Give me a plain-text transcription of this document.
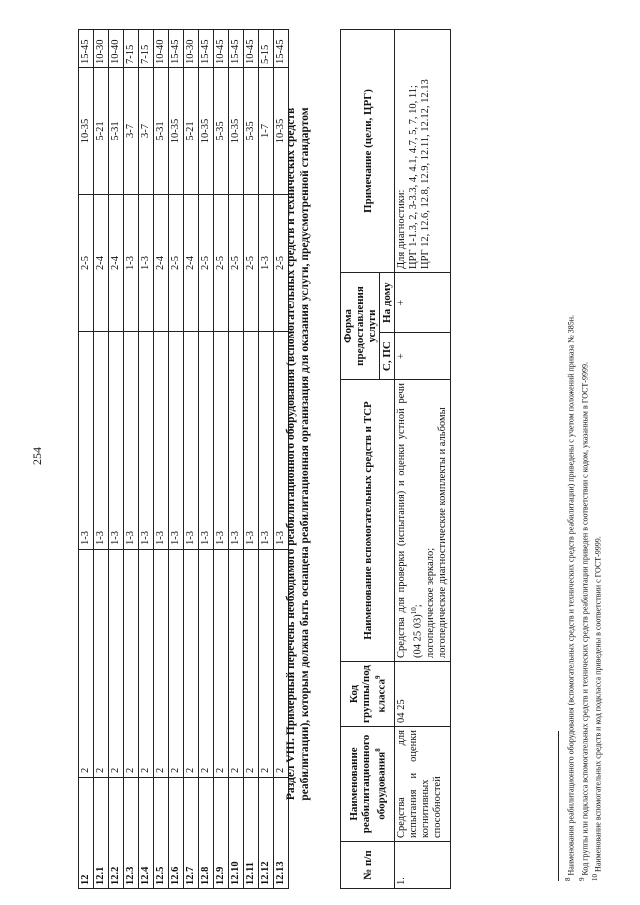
254
12	2	1-3	2-5	10-35	15-45
12.1	2	1-3	2-4	5-21	10-30
12.2	2	1-3	2-4	5-31	10-40
12.3	2	1-3	1-3	3-7	7-15
12.4	2	1-3	1-3	3-7	7-15
12.5	2	1-3	2-4	5-31	10-40
12.6	2	1-3	2-5	10-35	15-45
12.7	2	1-3	2-4	5-21	10-30
12.8	2	1-3	2-5	10-35	15-45
12.9	2	1-3	2-5	5-35	10-45
12.10	2	1-3	2-5	10-35	15-45
12.11	2	1-3	2-5	5-35	10-45
12.12	2	1-3	1-3	1-7	5-15
12.13	2	1-3	2-5	10-35	15-45
Раздел VIII. Примерный перечень необходимого реабилитационного оборудования (вспомогательных средств и технических средств реабилитации), которым должна быть оснащена реабилитационная организация для оказания услуги, предусмотренной стандартом
№ п/п	Наименование реабилитационного оборудования$^8$	Код группы/под класса$^9$	Наименование вспомогательных средств и ТСР	Форма предоставления услуги		Примечание (цели, ЦРГ)
				С, ПС	На дому	
1.	Средства для испытания и оценки когнитивных способностей	04 25	Средства для проверки (испытания) и оценки устной речи (04 25 03)$^{10}$;
логопедическое зеркало;
логопедические диагностические комплекты и альбомы	+	+	Для диагностики:
ЦРГ 1-1.3, 2, 3-3.3, 4, 4.1, 4.7, 5, 7, 10, 11;
ЦРГ 12, 12.6, 12.8, 12.9, 12.11, 12.12, 12.13
$^8$ Наименования реабилитационного оборудования (вспомогательных средств и технических средств реабилитации) приведены с учетом положений приказа № 385н.
$^9$ Код группы или подкласса вспомогательных средств и технических средств реабилитации приведен в соответствии с кодом, указанным в ГОСТ-9999.
$^{10}$ Наименование вспомогательных средств и код подкласса приведены в соответствии с ГОСТ-9999.
